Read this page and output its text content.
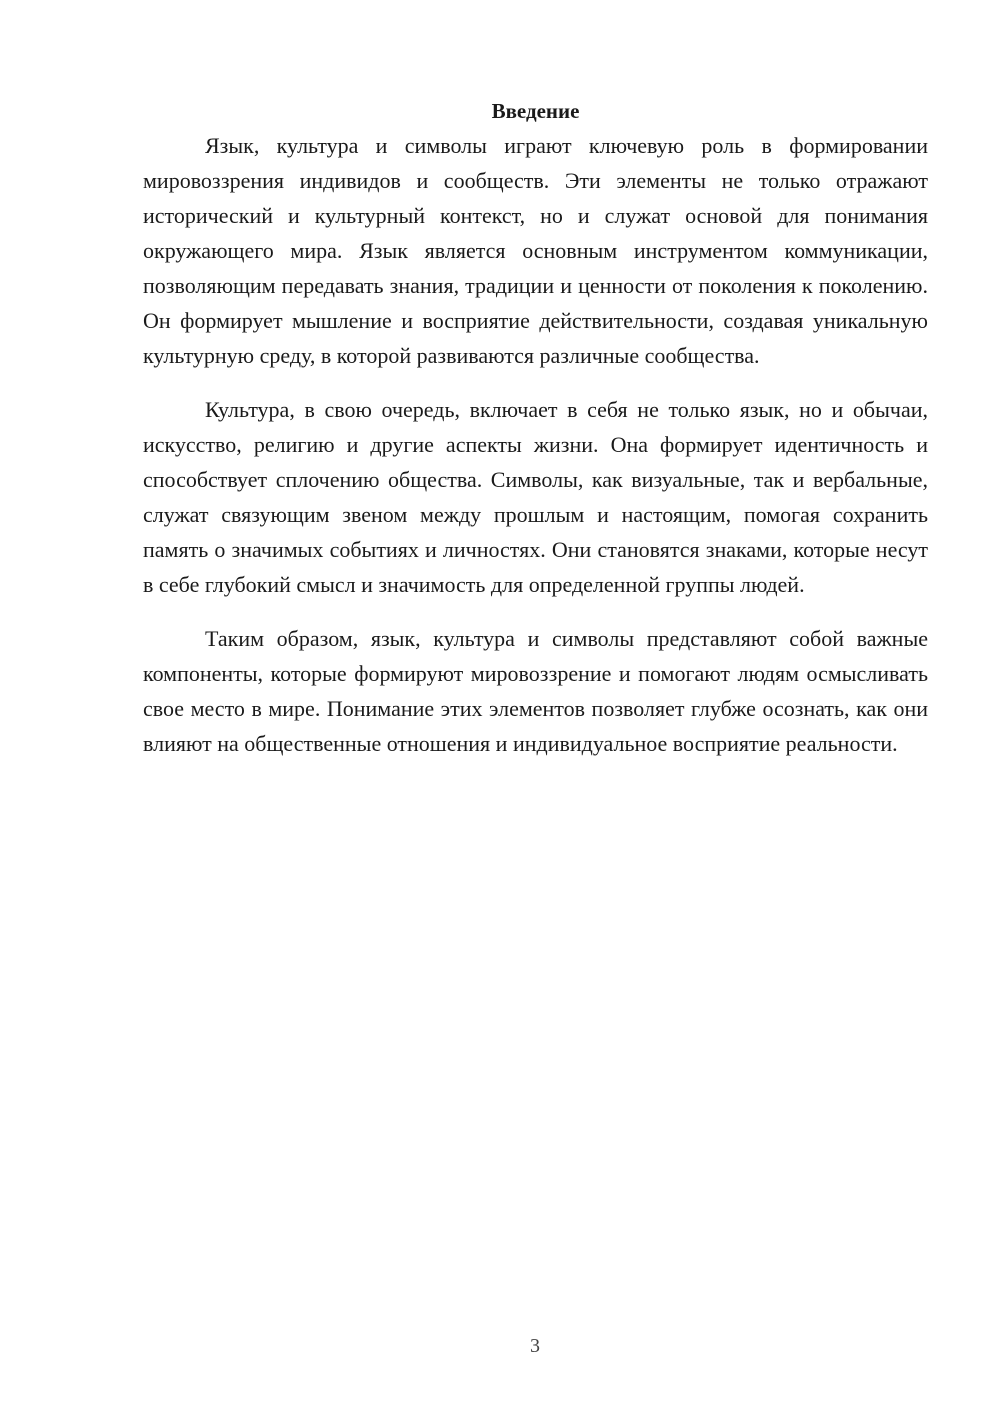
Введение

Язык, культура и символы играют ключевую роль в формировании мировоззрения индивидов и сообществ. Эти элементы не только отражают исторический и культурный контекст, но и служат основой для понимания окружающего мира. Язык является основным инструментом коммуникации, позволяющим передавать знания, традиции и ценности от поколения к поколению. Он формирует мышление и восприятие действительности, создавая уникальную культурную среду, в которой развиваются различные сообщества.

Культура, в свою очередь, включает в себя не только язык, но и обычаи, искусство, религию и другие аспекты жизни. Она формирует идентичность и способствует сплочению общества. Символы, как визуальные, так и вербальные, служат связующим звеном между прошлым и настоящим, помогая сохранить память о значимых событиях и личностях. Они становятся знаками, которые несут в себе глубокий смысл и значимость для определенной группы людей.

Таким образом, язык, культура и символы представляют собой важные компоненты, которые формируют мировоззрение и помогают людям осмысливать свое место в мире. Понимание этих элементов позволяет глубже осознать, как они влияют на общественные отношения и индивидуальное восприятие реальности.

3
